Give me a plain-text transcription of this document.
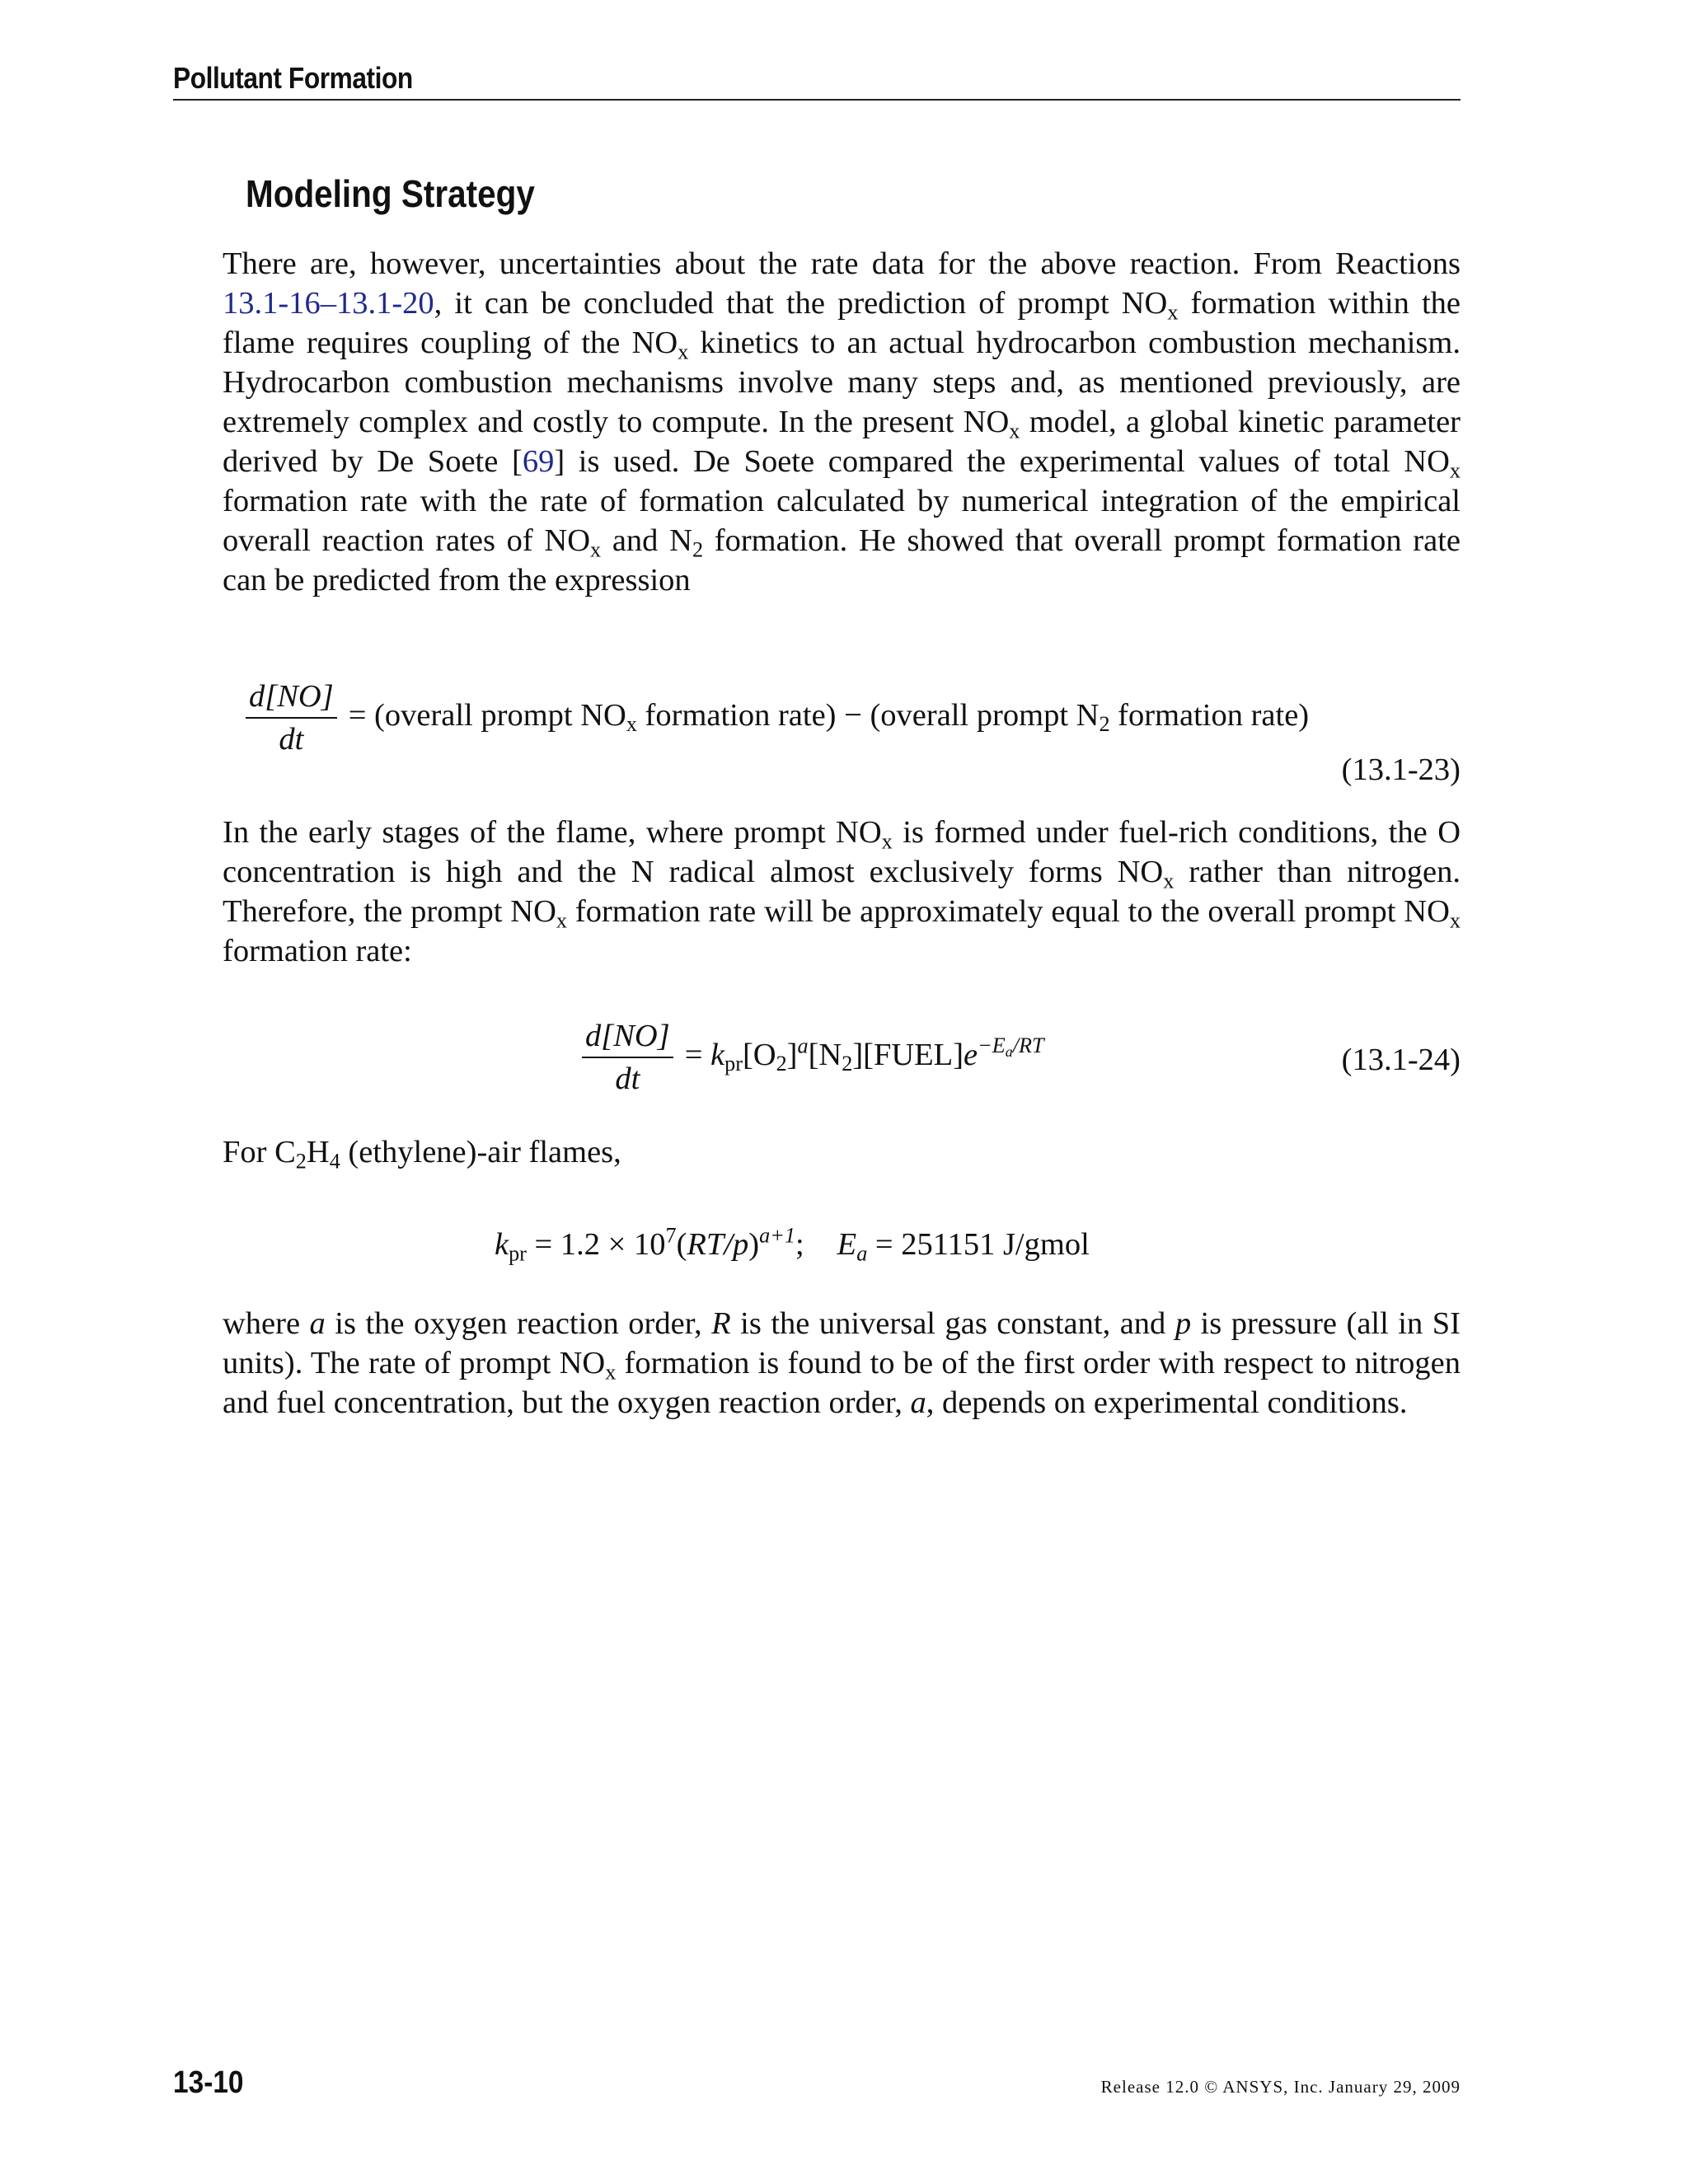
Pollutant Formation
Modeling Strategy

There are, however, uncertainties about the rate data for the above reaction. From Reactions 13.1-16–13.1-20, it can be concluded that the prediction of prompt $NO_x$ formation within the flame requires coupling of the $NO_x$ kinetics to an actual hydrocarbon combustion mechanism. Hydrocarbon combustion mechanisms involve many steps and, as mentioned previously, are extremely complex and costly to compute. In the present $NO_x$ model, a global kinetic parameter derived by De Soete [69] is used. De Soete compared the experimental values of total $NO_x$ formation rate with the rate of formation calculated by numerical integration of the empirical overall reaction rates of $NO_x$ and $N_2$ formation. He showed that overall prompt formation rate can be predicted from the expression

$\frac{d[NO]}{dt}$ = (overall prompt $NO_x$ formation rate) − (overall prompt $N_2$ formation rate)
(13.1-23)

In the early stages of the flame, where prompt $NO_x$ is formed under fuel-rich conditions, the O concentration is high and the N radical almost exclusively forms $NO_x$ rather than nitrogen. Therefore, the prompt $NO_x$ formation rate will be approximately equal to the overall prompt $NO_x$ formation rate:

$\frac{d[NO]}{dt}$ = $k_{pr}[O_2]^a[N_2][FUEL]e^{-E_a/RT}$	(13.1-24)

For $C_2H_4$ (ethylene)-air flames,

$k_{pr} = 1.2 \times 10^7(RT/p)^{a+1}$; $E_a = 251151$ J/gmol

where a is the oxygen reaction order, R is the universal gas constant, and p is pressure (all in SI units). The rate of prompt $NO_x$ formation is found to be of the first order with respect to nitrogen and fuel concentration, but the oxygen reaction order, a, depends on experimental conditions.

13-10	Release 12.0 © ANSYS, Inc. January 29, 2009
